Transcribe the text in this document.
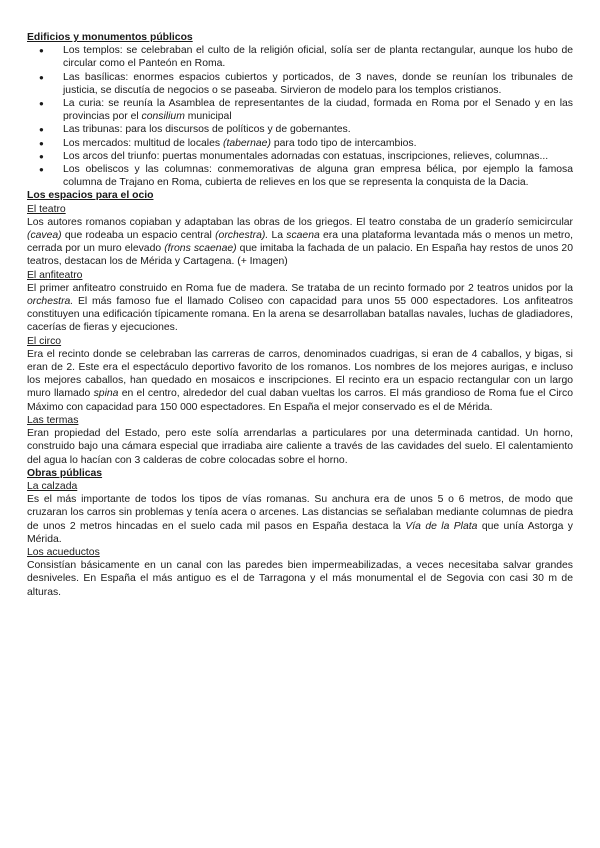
Edificios y monumentos públicos
● Los templos: se celebraban el culto de la religión oficial, solía ser de planta rectangular, aunque los hubo de circular como el Panteón en Roma.
● Las basílicas: enormes espacios cubiertos y porticados, de 3 naves, donde se reunían los tribunales de justicia, se discutía de negocios o se paseaba. Sirvieron de modelo para los templos cristianos.
● La curia: se reunía la Asamblea de representantes de la ciudad, formada en Roma por el Senado y en las provincias por el consilium municipal
● Las tribunas: para los discursos de políticos y de gobernantes.
● Los mercados: multitud de locales (tabernae) para todo tipo de intercambios.
● Los arcos del triunfo: puertas monumentales adornadas con estatuas, inscripciones, relieves, columnas...
● Los obeliscos y las columnas: conmemorativas de alguna gran empresa bélica, por ejemplo la famosa columna de Trajano en Roma, cubierta de relieves en los que se representa la conquista de la Dacia.
Los espacios para el ocio
El teatro

Los autores romanos copiaban y adaptaban las obras de los griegos. El teatro constaba de un graderío semicircular (cavea) que rodeaba un espacio central (orchestra). La scaena era una plataforma levantada más o menos un metro, cerrada por un muro elevado (frons scaenae) que imitaba la fachada de un palacio. En España hay restos de unos 20 teatros, destacan los de Mérida y Cartagena. (+ Imagen)

El anfiteatro

El primer anfiteatro construido en Roma fue de madera. Se trataba de un recinto formado por 2 teatros unidos por la orchestra. El más famoso fue el llamado Coliseo con capacidad para unos 55 000 espectadores. Los anfiteatros constituyen una edificación típicamente romana. En la arena se desarrollaban batallas navales, luchas de gladiadores, cacerías de fieras y ejecuciones.

El circo

Era el recinto donde se celebraban las carreras de carros, denominados cuadrigas, si eran de 4 caballos, y bigas, si eran de 2. Este era el espectáculo deportivo favorito de los romanos. Los nombres de los mejores aurigas, e incluso los mejores caballos, han quedado en mosaicos e inscripciones. El recinto era un espacio rectangular con un largo muro llamado spina en el centro, alrededor del cual daban vueltas los carros. El más grandioso de Roma fue el Circo Máximo con capacidad para 150 000 espectadores. En España el mejor conservado es el de Mérida.

Las termas

Eran propiedad del Estado, pero este solía arrendarlas a particulares por una determinada cantidad. Un horno, construido bajo una cámara especial que irradiaba aire caliente a través de las cavidades del suelo. El calentamiento del agua lo hacían con 3 calderas de cobre colocadas sobre el horno.

Obras públicas
La calzada

Es el más importante de todos los tipos de vías romanas. Su anchura era de unos 5 o 6 metros, de modo que cruzaran los carros sin problemas y tenía acera o arcenes. Las distancias se señalaban mediante columnas de piedra de unos 2 metros hincadas en el suelo cada mil pasos en España destaca la Vía de la Plata que unía Astorga y Mérida.

Los acueductos

Consistían básicamente en un canal con las paredes bien impermeabilizadas, a veces necesitaba salvar grandes desniveles. En España el más antiguo es el de Tarragona y el más monumental el de Segovia con casi 30 m de alturas.
